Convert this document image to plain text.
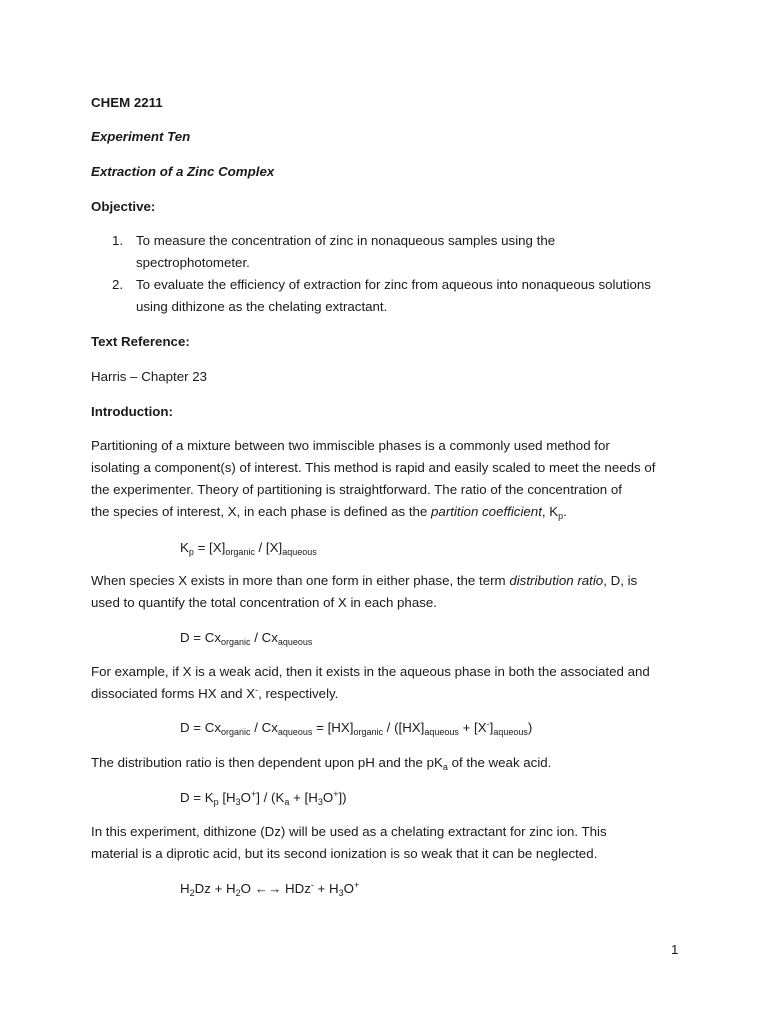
CHEM 2211

Experiment Ten

Extraction of a Zinc Complex

Objective:

1. To measure the concentration of zinc in nonaqueous samples using the

spectrophotometer.

2. To evaluate the efficiency of extraction for zinc from aqueous into nonaqueous solutions

using dithizone as the chelating extractant.

Text Reference:

Harris – Chapter 23

Introduction:

Partitioning of a mixture between two immiscible phases is a commonly used method for

isolating a component(s) of interest. This method is rapid and easily scaled to meet the needs of

the experimenter. Theory of partitioning is straightforward. The ratio of the concentration of

the species of interest, X, in each phase is defined as the partition coefficient, $K_p$.

$K_p = [X]_{organic} / [X]_{aqueous}$

When species X exists in more than one form in either phase, the term distribution ratio, D, is

used to quantify the total concentration of X in each phase.

$D = Cx_{organic} / Cx_{aqueous}$

For example, if X is a weak acid, then it exists in the aqueous phase in both the associated and

dissociated forms HX and X-, respectively.

$D = Cx_{organic} / Cx_{aqueous} = [HX]_{organic} / ([HX]_{aqueous} + [X^-]_{aqueous})$

The distribution ratio is then dependent upon pH and the $pK_a$ of the weak acid.

$D = K_p$ $[H_3O^+] / (K_a + [H_3O^+])$

In this experiment, dithizone (Dz) will be used as a chelating extractant for zinc ion. This

material is a diprotic acid, but its second ionization is so weak that it can be neglected.

$H_2Dz + H_2O$ ←→ $HDz^- + H_3O^+$

1
